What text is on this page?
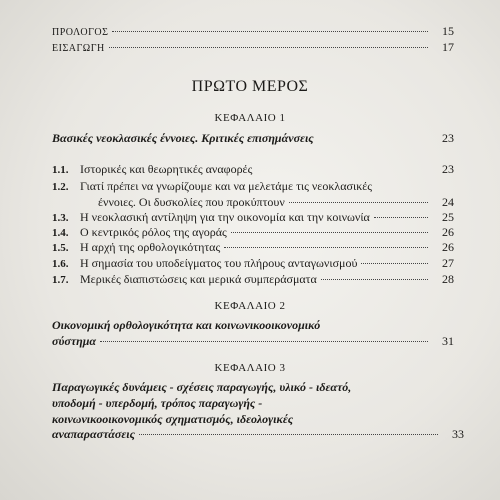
ΠΡΟΛΟΓΟΣ	15
ΕΙΣΑΓΩΓΗ	17
ΠΡΩΤΟ ΜΕΡΟΣ
ΚΕΦΑΛΑΙΟ 1
Βασικές νεοκλασικές έννοιες. Κριτικές επισημάνσεις	23
1.1. Ιστορικές και θεωρητικές αναφορές	23
1.2. Γιατί πρέπει να γνωρίζουμε και να μελετάμε τις νεοκλασικές
έννοιες. Οι δυσκολίες που προκύπτουν	24
1.3. Η νεοκλασική αντίληψη για την οικονομία και την κοινωνία	25
1.4. Ο κεντρικός ρόλος της αγοράς	26
1.5. Η αρχή της ορθολογικότητας	26
1.6. Η σημασία του υποδείγματος του πλήρους ανταγωνισμού	27
1.7. Μερικές διαπιστώσεις και μερικά συμπεράσματα	28
ΚΕΦΑΛΑΙΟ 2
Οικονομική ορθολογικότητα και κοινωνικοοικονομικό
σύστημα	31
ΚΕΦΑΛΑΙΟ 3
Παραγωγικές δυνάμεις - σχέσεις παραγωγής, υλικό - ιδεατό,
υποδομή - υπερδομή, τρόπος παραγωγής -
κοινωνικοοικονομικός σχηματισμός, ιδεολογικές
αναπαραστάσεις	33
